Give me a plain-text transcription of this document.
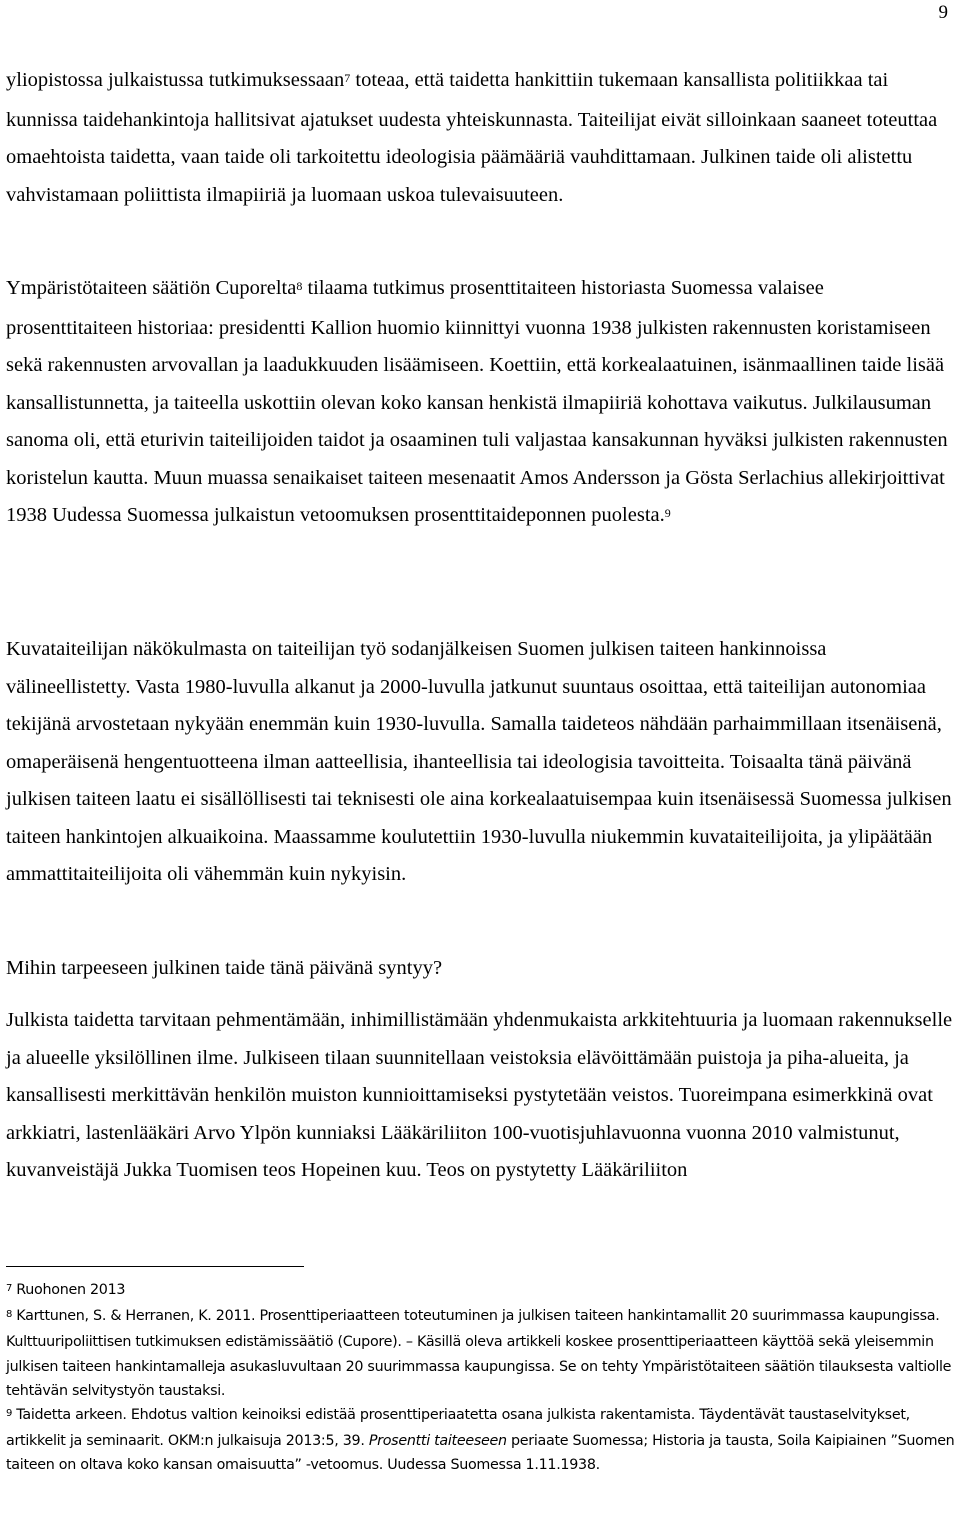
9

yliopistossa julkaistussa tutkimuksessaan$^7$ toteaa, että taidetta hankittiin tukemaan kansallista politiikkaa tai kunnissa taidehankintoja hallitsivat ajatukset uudesta yhteiskunnasta. Taiteilijat eivät silloinkaan saaneet toteuttaa omaehtoista taidetta, vaan taide oli tarkoitettu ideologisia päämääriä vauhdittamaan. Julkinen taide oli alistettu vahvistamaan poliittista ilmapiiriä ja luomaan uskoa tulevaisuuteen.

Ympäristötaiteen säätiön Cuporelta$^8$ tilaama tutkimus prosenttitaiteen historiasta Suomessa valaisee prosenttitaiteen historiaa: presidentti Kallion huomio kiinnittyi vuonna 1938 julkisten rakennusten koristamiseen sekä rakennusten arvovallan ja laadukkuuden lisäämiseen. Koettiin, että korkealaatuinen, isänmaallinen taide lisää kansallistunnetta, ja taiteella uskottiin olevan koko kansan henkistä ilmapiiriä kohottava vaikutus. Julkilausuman sanoma oli, että eturivin taiteilijoiden taidot ja osaaminen tuli valjastaa kansakunnan hyväksi julkisten rakennusten koristelun kautta. Muun muassa senaikaiset taiteen mesenaatit Amos Andersson ja Gösta Serlachius allekirjoittivat 1938 Uudessa Suomessa julkaistun vetoomuksen prosenttitaideponnen puolesta.$^9$

Kuvataiteilijan näkökulmasta on taiteilijan työ sodanjälkeisen Suomen julkisen taiteen hankinnoissa välineellistetty. Vasta 1980-luvulla alkanut ja 2000-luvulla jatkunut suuntaus osoittaa, että taiteilijan autonomiaa tekijänä arvostetaan nykyään enemmän kuin 1930-luvulla. Samalla taideteos nähdään parhaimmillaan itsenäisenä, omaperäisenä hengentuotteena ilman aatteellisia, ihanteellisia tai ideologisia tavoitteita. Toisaalta tänä päivänä julkisen taiteen laatu ei sisällöllisesti tai teknisesti ole aina korkealaatuisempaa kuin itsenäisessä Suomessa julkisen taiteen hankintojen alkuaikoina. Maassamme koulutettiin 1930-luvulla niukemmin kuvataiteilijoita, ja ylipäätään ammattitaiteilijoita oli vähemmän kuin nykyisin.

Mihin tarpeeseen julkinen taide tänä päivänä syntyy?

Julkista taidetta tarvitaan pehmentämään, inhimillistämään yhdenmukaista arkkitehtuuria ja luomaan rakennukselle ja alueelle yksilöllinen ilme. Julkiseen tilaan suunnitellaan veistoksia elävöittämään puistoja ja piha-alueita, ja kansallisesti merkittävän henkilön muiston kunnioittamiseksi pystytetään veistos. Tuoreimpana esimerkkinä ovat arkkiatri, lastenlääkäri Arvo Ylpön kunniaksi Lääkäriliiton 100-vuotisjuhlavuonna vuonna 2010 valmistunut, kuvanveistäjä Jukka Tuomisen teos Hopeinen kuu. Teos on pystytetty Lääkäriliiton

$^7$ Ruohonen 2013

$^8$ Karttunen, S. & Herranen, K. 2011. Prosenttiperiaatteen toteutuminen ja julkisen taiteen hankintamallit 20 suurimmassa kaupungissa. Kulttuuripoliittisen tutkimuksen edistämissäätiö (Cupore). – Käsillä oleva artikkeli koskee prosenttiperiaatteen käyttöä sekä yleisemmin julkisen taiteen hankintamalleja asukasluvultaan 20 suurimmassa kaupungissa. Se on tehty Ympäristötaiteen säätiön tilauksesta valtiolle tehtävän selvitystyön taustaksi.

$^9$ Taidetta arkeen. Ehdotus valtion keinoiksi edistää prosenttiperiaatetta osana julkista rakentamista. Täydentävät taustaselvitykset, artikkelit ja seminaarit. OKM:n julkaisuja 2013:5, 39. Prosentti taiteeseen periaate Suomessa; Historia ja tausta, Soila Kaipiainen ”Suomen taiteen on oltava koko kansan omaisuutta” -vetoomus. Uudessa Suomessa 1.11.1938.
